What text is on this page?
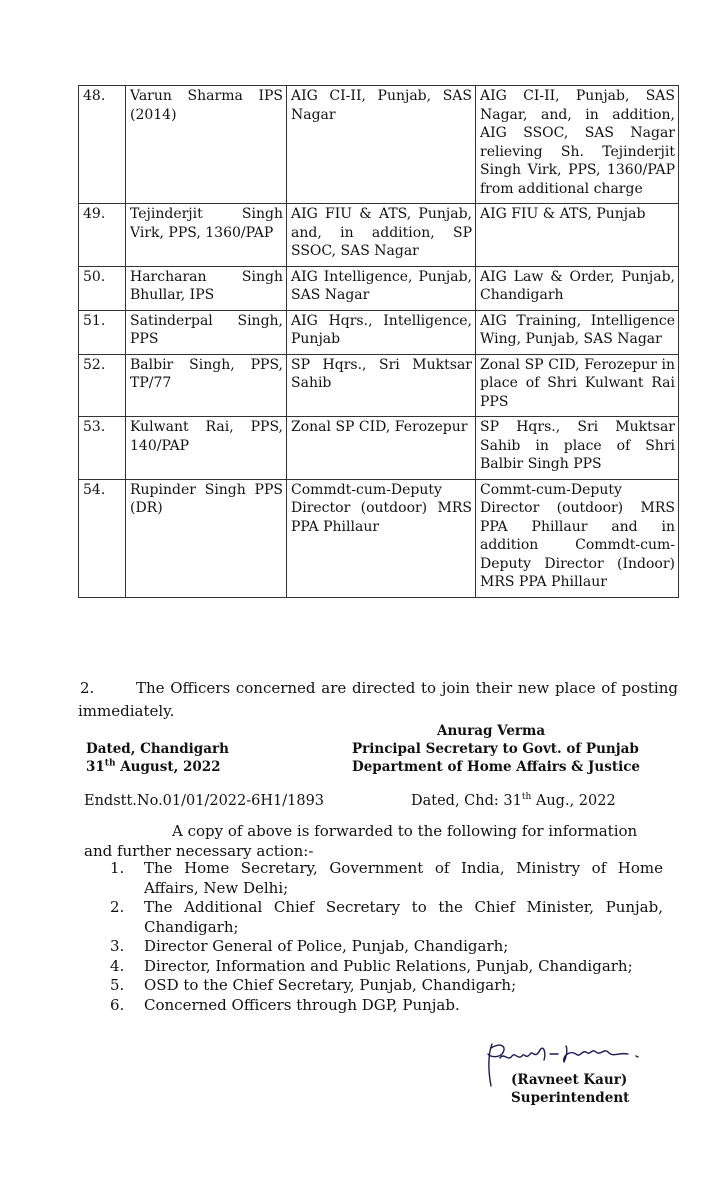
48.	Varun Sharma IPS (2014)	AIG CI-II, Punjab, SAS Nagar	AIG CI-II, Punjab, SAS Nagar, and, in addition, AIG SSOC, SAS Nagar relieving Sh. Tejinderjit Singh Virk, PPS, 1360/PAP from additional charge
49.	Tejinderjit Singh Virk, PPS, 1360/PAP	AIG FIU & ATS, Punjab, and, in addition, SP SSOC, SAS Nagar	AIG FIU & ATS, Punjab
50.	Harcharan Singh Bhullar, IPS	AIG Intelligence, Punjab, SAS Nagar	AIG Law & Order, Punjab, Chandigarh
51.	Satinderpal Singh, PPS	AIG Hqrs., Intelligence, Punjab	AIG Training, Intelligence Wing, Punjab, SAS Nagar
52.	Balbir Singh, PPS, TP/77	SP Hqrs., Sri Muktsar Sahib	Zonal SP CID, Ferozepur in place of Shri Kulwant Rai PPS
53.	Kulwant Rai, PPS, 140/PAP	Zonal SP CID, Ferozepur	SP Hqrs., Sri Muktsar Sahib in place of Shri Balbir Singh PPS
54.	Rupinder Singh PPS (DR)	Commdt-cum-Deputy Director (outdoor) MRS PPA Phillaur	Commt-cum-Deputy Director (outdoor) MRS PPA Phillaur and in addition Commdt-cum-Deputy Director (Indoor) MRS PPA Phillaur
2.	The Officers concerned are directed to join their new place of posting immediately.
Anurag Verma
Dated, Chandigarh
31th August, 2022
Principal Secretary to Govt. of Punjab
Department of Home Affairs & Justice
Endstt.No.01/01/2022-6H1/1893	Dated, Chd: 31th Aug., 2022
A copy of above is forwarded to the following for information and further necessary action:-
1.	The Home Secretary, Government of India, Ministry of Home Affairs, New Delhi;
2.	The Additional Chief Secretary to the Chief Minister, Punjab, Chandigarh;
3.	Director General of Police, Punjab, Chandigarh;
4.	Director, Information and Public Relations, Punjab, Chandigarh;
5.	OSD to the Chief Secretary, Punjab, Chandigarh;
6.	Concerned Officers through DGP, Punjab.
(Ravneet Kaur)
Superintendent
